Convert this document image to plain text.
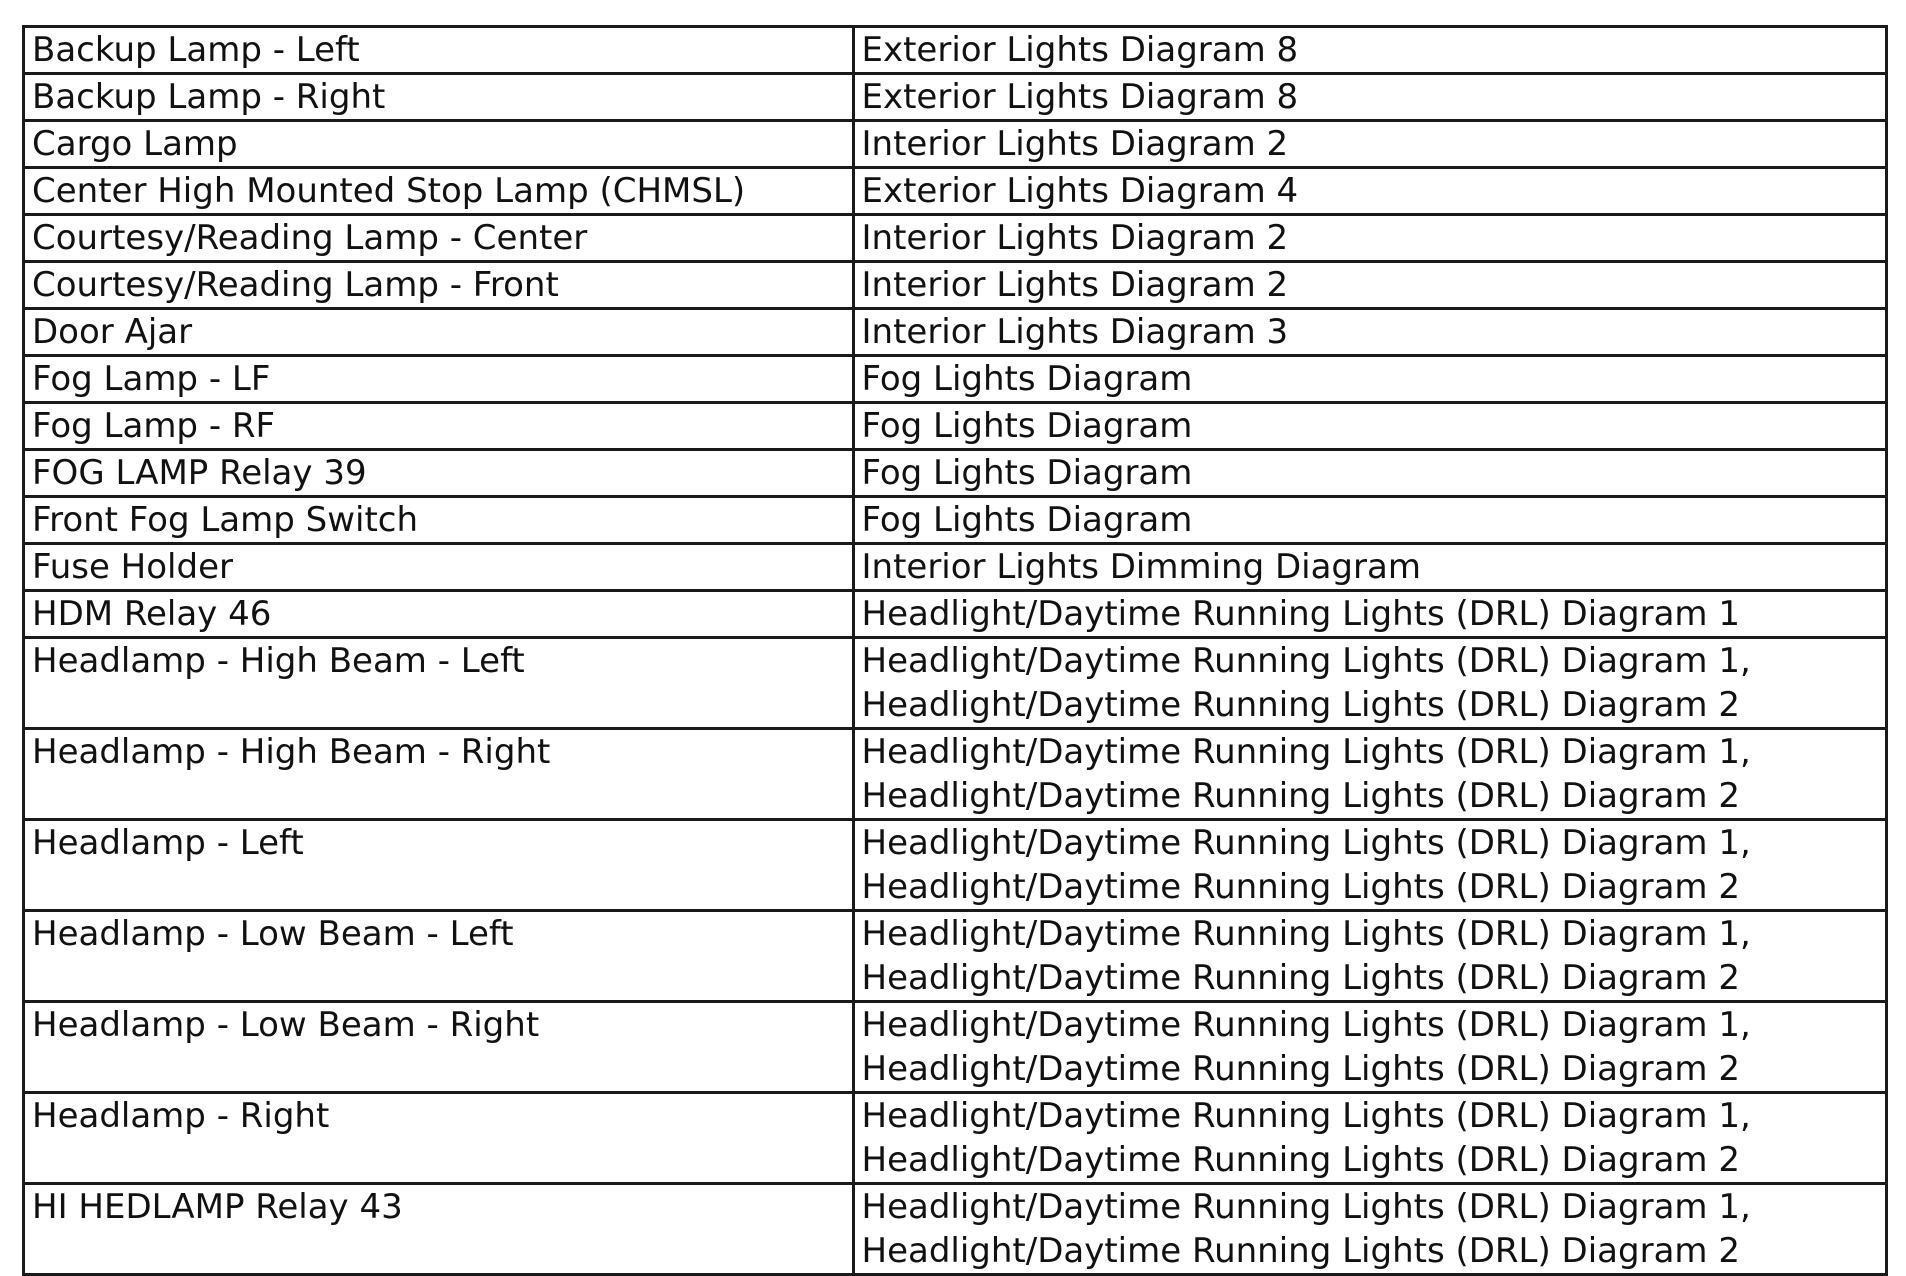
Backup Lamp - Left	Exterior Lights Diagram 8

Backup Lamp - Right	Exterior Lights Diagram 8

Cargo Lamp	Interior Lights Diagram 2

Center High Mounted Stop Lamp (CHMSL)	Exterior Lights Diagram 4

Courtesy/Reading Lamp - Center	Interior Lights Diagram 2

Courtesy/Reading Lamp - Front	Interior Lights Diagram 2

Door Ajar	Interior Lights Diagram 3

Fog Lamp - LF	Fog Lights Diagram

Fog Lamp - RF	Fog Lights Diagram

FOG LAMP Relay 39	Fog Lights Diagram

Front Fog Lamp Switch	Fog Lights Diagram

Fuse Holder	Interior Lights Dimming Diagram

HDM Relay 46	Headlight/Daytime Running Lights (DRL) Diagram 1

Headlamp - High Beam - Left	Headlight/Daytime Running Lights (DRL) Diagram 1,
Headlight/Daytime Running Lights (DRL) Diagram 2

Headlamp - High Beam - Right	Headlight/Daytime Running Lights (DRL) Diagram 1,
Headlight/Daytime Running Lights (DRL) Diagram 2

Headlamp - Left	Headlight/Daytime Running Lights (DRL) Diagram 1,
Headlight/Daytime Running Lights (DRL) Diagram 2

Headlamp - Low Beam - Left	Headlight/Daytime Running Lights (DRL) Diagram 1,
Headlight/Daytime Running Lights (DRL) Diagram 2

Headlamp - Low Beam - Right	Headlight/Daytime Running Lights (DRL) Diagram 1,
Headlight/Daytime Running Lights (DRL) Diagram 2

Headlamp - Right	Headlight/Daytime Running Lights (DRL) Diagram 1,
Headlight/Daytime Running Lights (DRL) Diagram 2

HI HEDLAMP Relay 43	Headlight/Daytime Running Lights (DRL) Diagram 1,
Headlight/Daytime Running Lights (DRL) Diagram 2
